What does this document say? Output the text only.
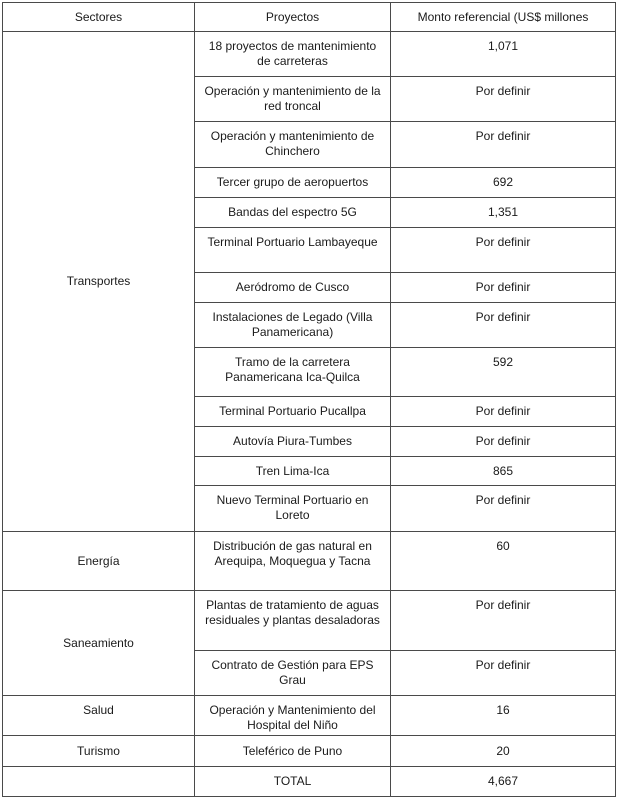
Sectores	Proyectos	Monto referencial (US$ millones
Transportes	18 proyectos de mantenimiento de carreteras	1,071
	Operación y mantenimiento de la red troncal	Por definir
	Operación y mantenimiento de Chinchero	Por definir
	Tercer grupo de aeropuertos	692
	Bandas del espectro 5G	1,351
	Terminal Portuario Lambayeque	Por definir
	Aeródromo de Cusco	Por definir
	Instalaciones de Legado (Villa Panamericana)	Por definir
	Tramo de la carretera Panamericana Ica-Quilca	592
	Terminal Portuario Pucallpa	Por definir
	Autovía Piura-Tumbes	Por definir
	Tren Lima-Ica	865
	Nuevo Terminal Portuario en Loreto	Por definir
Energía	Distribución de gas natural en Arequipa, Moquegua y Tacna	60
Saneamiento	Plantas de tratamiento de aguas residuales y plantas desaladoras	Por definir
	Contrato de Gestión para EPS Grau	Por definir
Salud	Operación y Mantenimiento del Hospital del Niño	16
Turismo	Teleférico de Puno	20
	TOTAL	4,667
